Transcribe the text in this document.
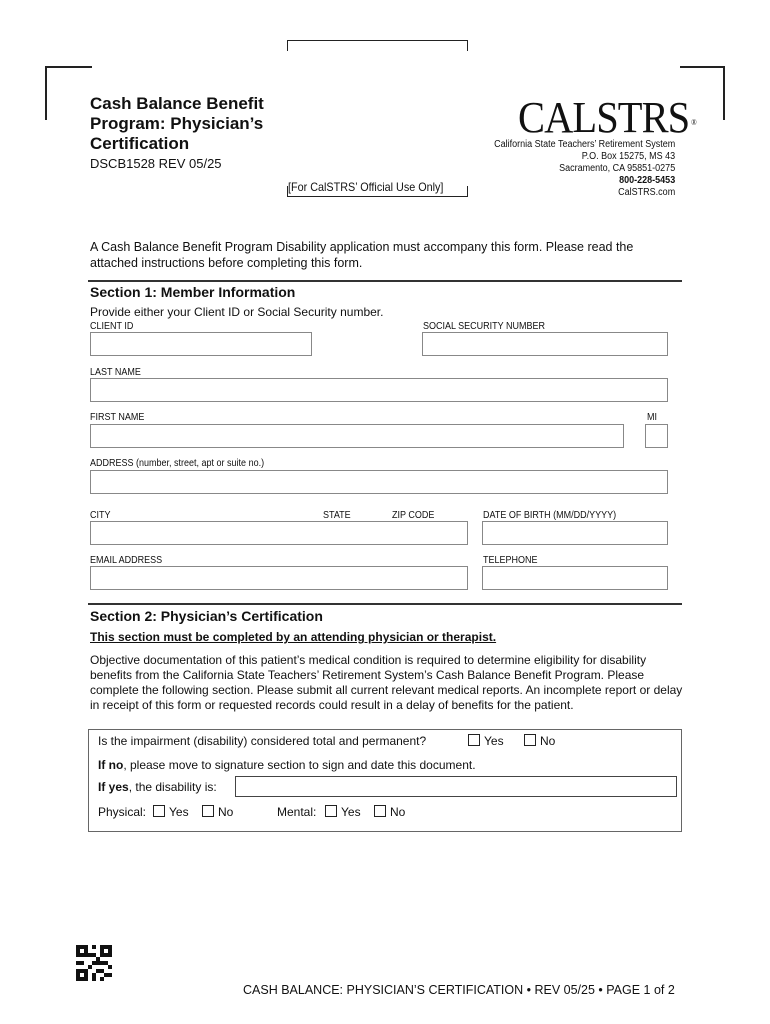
Cash Balance Benefit
Program: Physician’s
Certification
DSCB1528 REV 05/25
[For CalSTRS’ Official Use Only]
CALSTRS ®
California State Teachers’ Retirement System
P.O. Box 15275, MS 43
Sacramento, CA 95851-0275
800-228-5453
CalSTRS.com
A Cash Balance Benefit Program Disability application must accompany this form. Please read the attached instructions before completing this form.
Section 1: Member Information
Provide either your Client ID or Social Security number.
CLIENT ID	SOCIAL SECURITY NUMBER
LAST NAME
FIRST NAME	MI
ADDRESS (number, street, apt or suite no.)
CITY	STATE	ZIP CODE	DATE OF BIRTH (MM/DD/YYYY)
EMAIL ADDRESS	TELEPHONE
Section 2: Physician’s Certification
This section must be completed by an attending physician or therapist.
Objective documentation of this patient’s medical condition is required to determine eligibility for disability benefits from the California State Teachers’ Retirement System’s Cash Balance Benefit Program. Please complete the following section. Please submit all current relevant medical reports. An incomplete report or delay in receipt of this form or requested records could result in a delay of benefits for the patient.
Is the impairment (disability) considered total and permanent?	Yes	No
If no, please move to signature section to sign and date this document.
If yes, the disability is:
Physical:	Yes	No	Mental:	Yes	No
CASH BALANCE: PHYSICIAN’S CERTIFICATION • REV 05/25 • PAGE 1 of 2
